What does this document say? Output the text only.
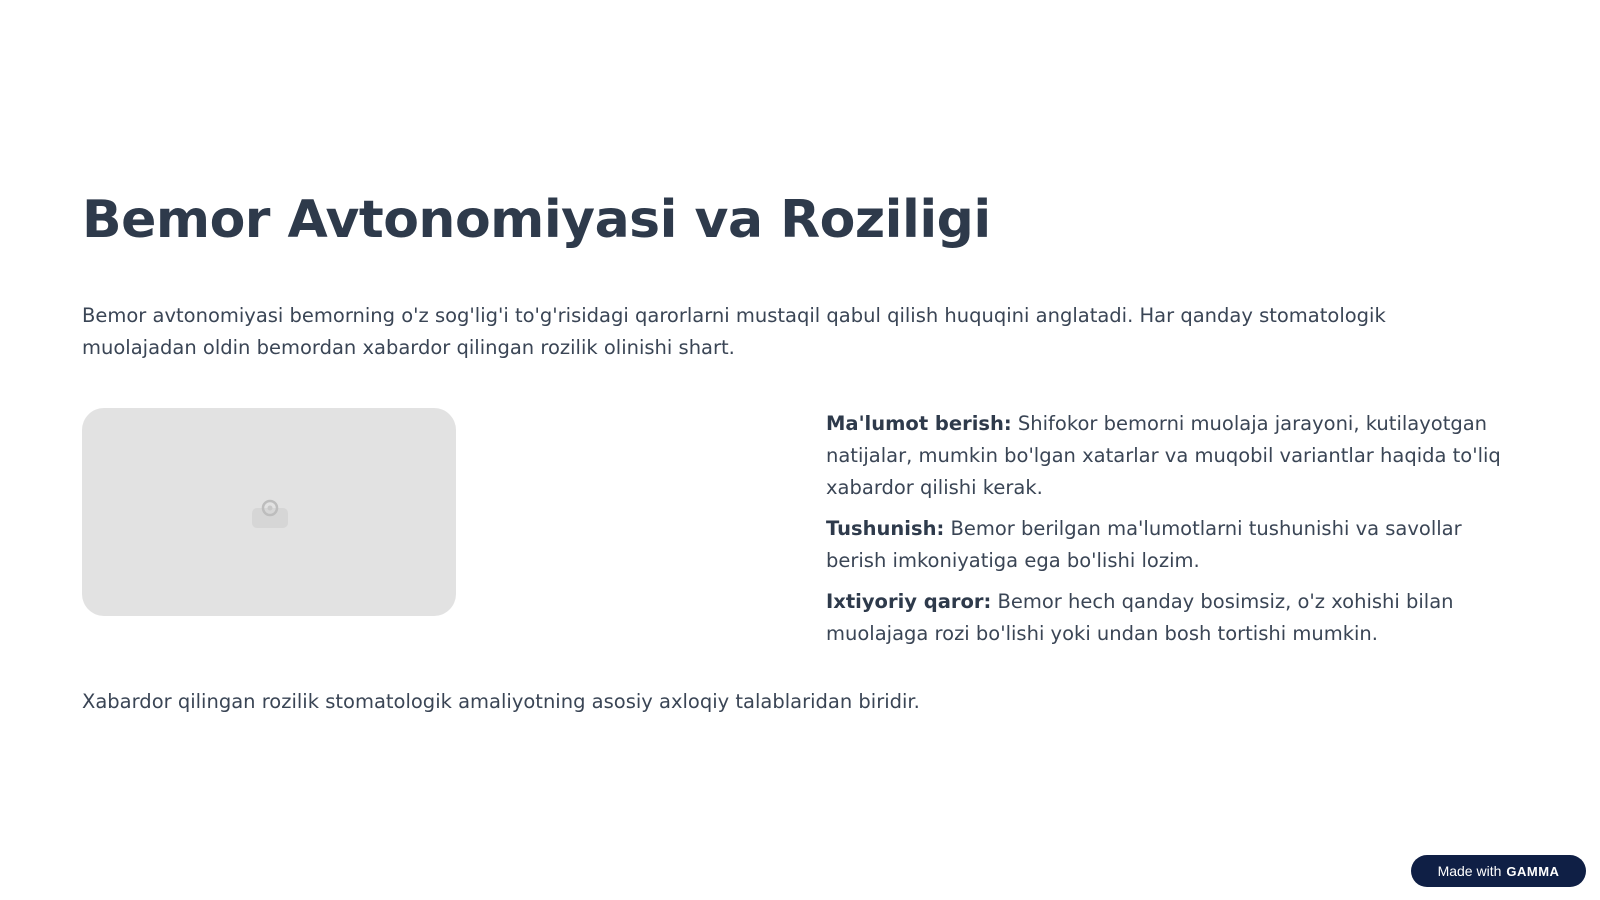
Bemor Avtonomiyasi va Roziligi

Bemor avtonomiyasi bemorning o'z sog'lig'i to'g'risidagi qarorlarni mustaqil qabul qilish huquqini anglatadi. Har qanday stomatologik muolajadan oldin bemordan xabardor qilingan rozilik olinishi shart.

Ma'lumot berish: Shifokor bemorni muolaja jarayoni, kutilayotgan natijalar, mumkin bo'lgan xatarlar va muqobil variantlar haqida to'liq xabardor qilishi kerak.

Tushunish: Bemor berilgan ma'lumotlarni tushunishi va savollar berish imkoniyatiga ega bo'lishi lozim.

Ixtiyoriy qaror: Bemor hech qanday bosimsiz, o'z xohishi bilan muolajaga rozi bo'lishi yoki undan bosh tortishi mumkin.

Xabardor qilingan rozilik stomatologik amaliyotning asosiy axloqiy talablaridan biridir.

Made with GAMMA
